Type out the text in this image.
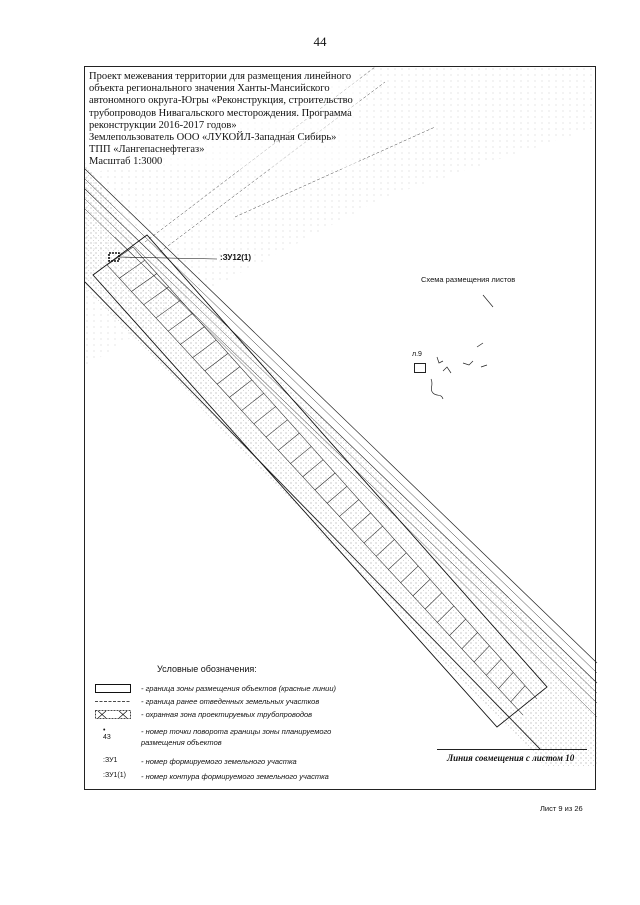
44
Проект межевания территории для размещения линейного
объекта регионального значения Ханты-Мансийского
автономного округа-Югры «Реконструкция, строительство
трубопроводов Нивагальского месторождения. Программа
реконструкции 2016-2017 годов»
Землепользователь ООО «ЛУКОЙЛ-Западная Сибирь»
ТПП «Лангепаснефтегаз»
Масштаб 1:3000
:ЗУ12(1)
Схема размещения листов
л.9
Условные обозначения:
- граница зоны размещения объектов (красные линии)
- граница ранее отведенных земельных участков
- охранная зона проектируемых трубопроводов
• 43
- номер точки поворота границы зоны планируемого
размещения объектов
:ЗУ1	- номер формируемого земельного участка
:ЗУ1(1) - номер контура формируемого земельного участка
Линия совмещения с листом 10
Лист 9 из 26
